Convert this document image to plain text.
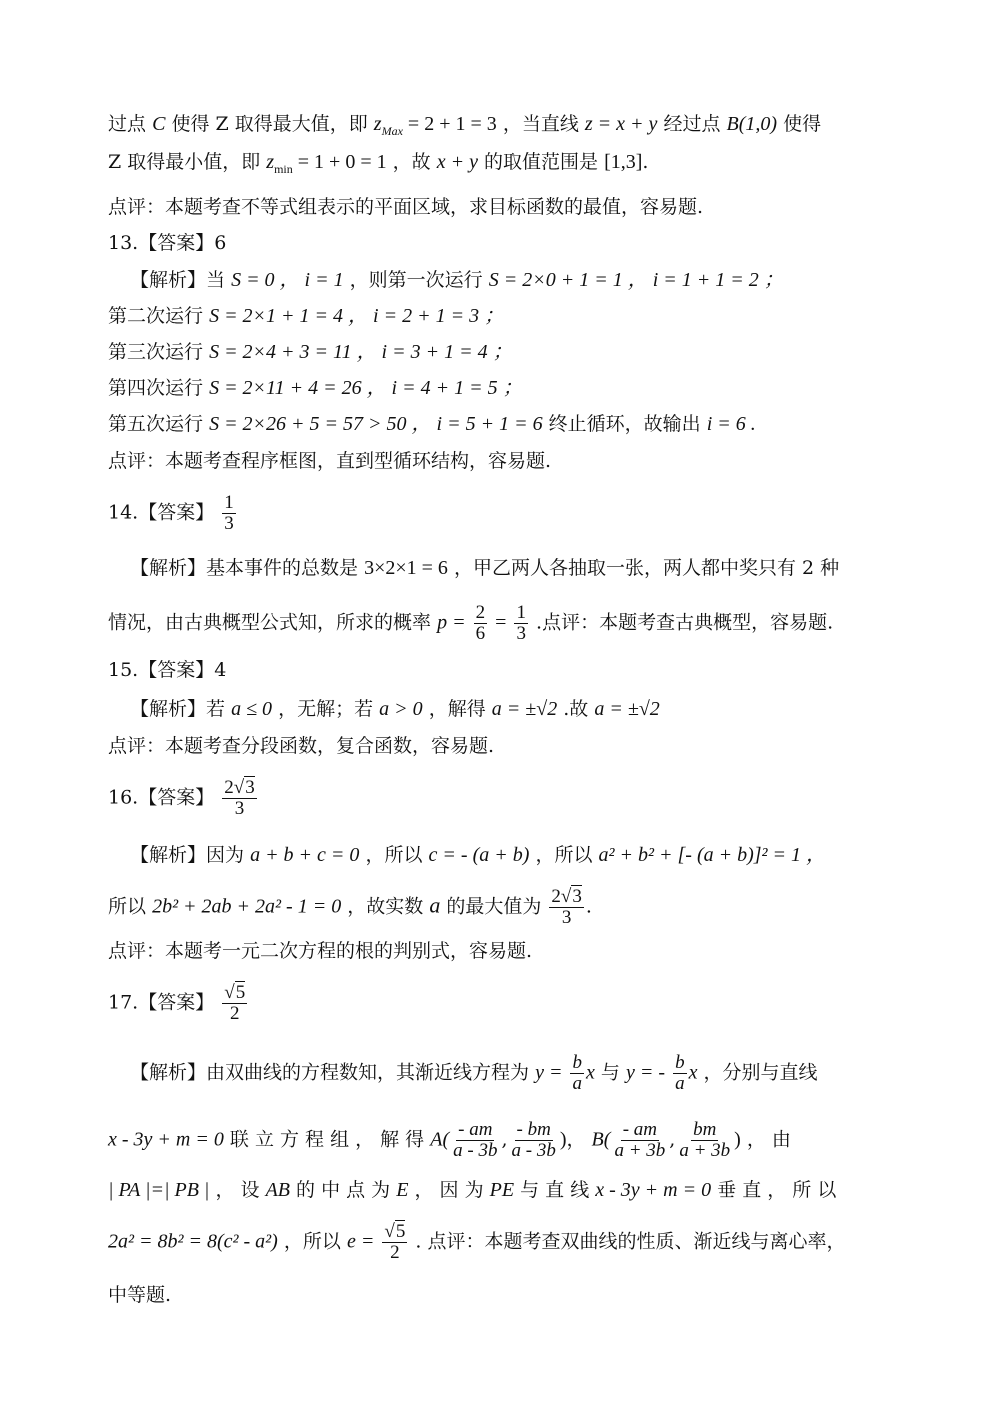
过点 C 使得 Z 取得最大值，即 $z_{Max} = 2 + 1 = 3$ ，当直线 z = x + y 经过点 B(1,0) 使得
Z 取得最小值，即 $z_{min} = 1 + 0 = 1$ ，故 x + y 的取值范围是 [1,3].
点评：本题考查不等式组表示的平面区域，求目标函数的最值，容易题.
13.【答案】6
【解析】当 S = 0 ， i = 1 ，则第一次运行 S = 2×0 + 1 = 1 ， i = 1 + 1 = 2 ；
第二次运行 S = 2×1 + 1 = 4 ， i = 2 + 1 = 3 ；
第三次运行 S = 2×4 + 3 = 11 ， i = 3 + 1 = 4 ；
第四次运行 S = 2×11 + 4 = 26 ， i = 4 + 1 = 5 ；
第五次运行 S = 2×26 + 5 = 57 > 50 ， i = 5 + 1 = 6 终止循环，故输出 i = 6 .
点评：本题考查程序框图，直到型循环结构，容易题.
14.【答案】 $\frac{1}{3}$
【解析】基本事件的总数是 3×2×1 = 6 ，甲乙两人各抽取一张，两人都中奖只有 2 种
情况，由古典概型公式知，所求的概率 $p = \frac{2}{6} = \frac{1}{3}$ .点评：本题考查古典概型，容易题.
15.【答案】4
【解析】若 a ≤ 0 ，无解；若 a > 0 ，解得 a = ±√2 .故 a = ±√2
点评：本题考查分段函数，复合函数，容易题.
16.【答案】 $\frac{2√3}{3}$
【解析】因为 a + b + c = 0 ，所以 c = - (a + b) ，所以 a² + b² + [- (a + b)]² = 1 ，
所以 2b² + 2ab + 2a² - 1 = 0 ，故实数 a 的最大值为 $\frac{2√3}{3}$ .
点评：本题考一元二次方程的根的判别式，容易题.
17.【答案】 $\frac{√5}{2}$
【解析】由双曲线的方程数知，其渐近线方程为 $y = \frac{b}{a}$ x 与 y = - $\frac{b}{a}$ x ，分别与直线
x - 3y + m = 0 联 立 方 程 组 ， 解 得 $A( \frac{- am}{a - 3b}$ , $\frac{- bm}{a - 3b}$ )， $B( \frac{- am}{a + 3b}$ , $\frac{bm}{a + 3b}$ ) ， 由
| PA |=| PB | ， 设 AB 的 中 点 为 E ， 因 为 PE 与 直 线 x - 3y + m = 0 垂 直 ， 所 以
2a² = 8b² = 8(c² - a²) ，所以 $e = \frac{√5}{2}$ . 点评：本题考查双曲线的性质、渐近线与离心率，
中等题.
